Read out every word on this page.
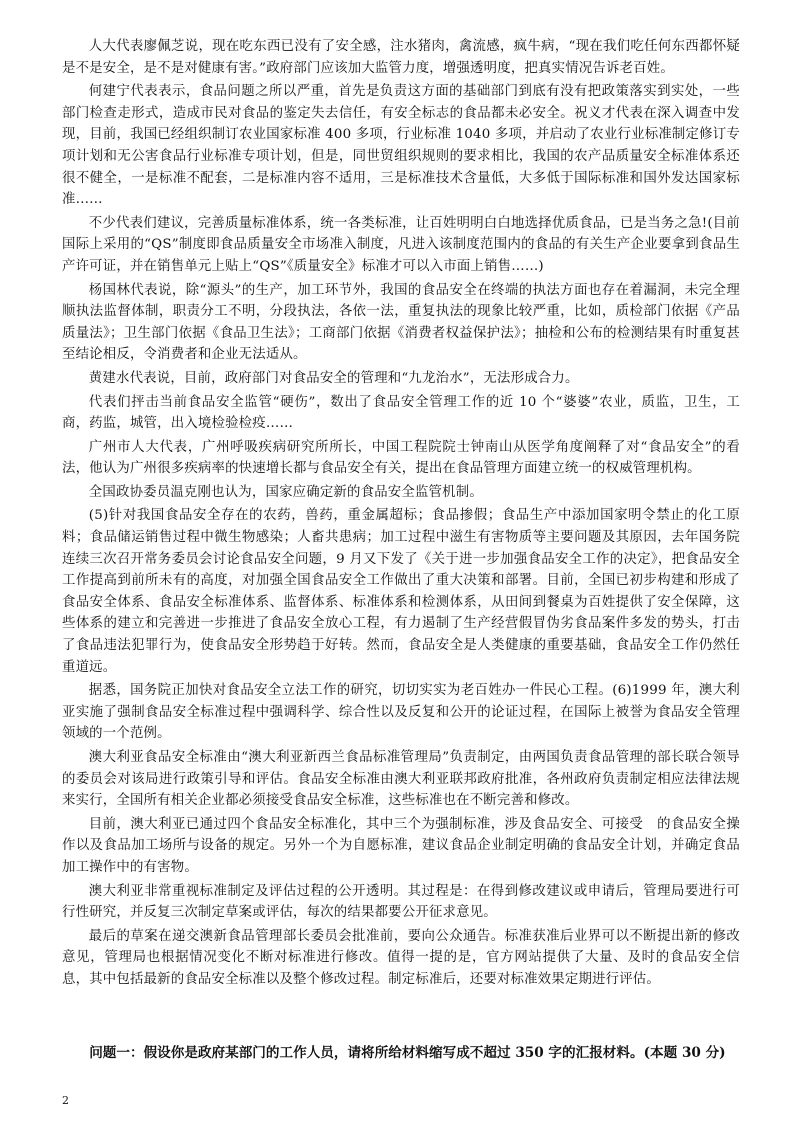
人大代表廖佩芝说，现在吃东西已没有了安全感，注水猪肉，禽流感，疯牛病，“现在我们吃任何东西都怀疑是不是安全，是不是对健康有害。”政府部门应该加大监管力度，增强透明度，把真实情况告诉老百姓。

何建宁代表表示，食品问题之所以严重，首先是负责这方面的基础部门到底有没有把政策落实到实处，一些部门检查走形式，造成市民对食品的鉴定失去信任，有安全标志的食品都未必安全。祝义才代表在深入调查中发现，目前，我国已经组织制订农业国家标准 400 多项，行业标准 1040 多项，并启动了农业行业标准制定修订专项计划和无公害食品行业标准专项计划，但是，同世贸组织规则的要求相比，我国的农产品质量安全标准体系还很不健全，一是标准不配套，二是标准内容不适用，三是标准技术含量低，大多低于国际标准和国外发达国家标准……

不少代表们建议，完善质量标准体系，统一各类标准，让百姓明明白白地选择优质食品，已是当务之急!(目前国际上采用的“QS”制度即食品质量安全市场准入制度，凡进入该制度范围内的食品的有关生产企业要拿到食品生产许可证，并在销售单元上贴上“QS”《质量安全》标准才可以入市面上销售……)

杨国林代表说，除“源头”的生产，加工环节外，我国的食品安全在终端的执法方面也存在着漏洞，未完全理顺执法监督体制，职责分工不明，分段执法，各依一法，重复执法的现象比较严重，比如，质检部门依据《产品质量法》；卫生部门依据《食品卫生法》；工商部门依据《消费者权益保护法》；抽检和公布的检测结果有时重复甚至结论相反，令消费者和企业无法适从。

黄建水代表说，目前，政府部门对食品安全的管理和“九龙治水”，无法形成合力。

代表们抨击当前食品安全监管“硬伤”，数出了食品安全管理工作的近 10 个“婆婆”农业，质监，卫生，工商，药监，城管，出入境检验检疫……

广州市人大代表，广州呼吸疾病研究所所长，中国工程院院士钟南山从医学角度阐释了对“食品安全”的看法，他认为广州很多疾病率的快速增长都与食品安全有关，提出在食品管理方面建立统一的权威管理机构。

全国政协委员温克刚也认为，国家应确定新的食品安全监管机制。

(5)针对我国食品安全存在的农药，兽药，重金属超标；食品掺假；食品生产中添加国家明令禁止的化工原料；食品储运销售过程中微生物感染；人畜共患病；加工过程中滋生有害物质等主要问题及其原因，去年国务院连续三次召开常务委员会讨论食品安全问题，9 月又下发了《关于进一步加强食品安全工作的决定》，把食品安全工作提高到前所未有的高度，对加强全国食品安全工作做出了重大决策和部署。目前，全国已初步构建和形成了食品安全体系、食品安全标准体系、监督体系、标准体系和检测体系，从田间到餐桌为百姓提供了安全保障，这些体系的建立和完善进一步推进了食品安全放心工程，有力遏制了生产经营假冒伪劣食品案件多发的势头，打击了食品违法犯罪行为，使食品安全形势趋于好转。然而，食品安全是人类健康的重要基础，食品安全工作仍然任重道远。

据悉，国务院正加快对食品安全立法工作的研究，切切实实为老百姓办一件民心工程。(6)1999 年，澳大利亚实施了强制食品安全标准过程中强调科学、综合性以及反复和公开的论证过程，在国际上被誉为食品安全管理领域的一个范例。

澳大利亚食品安全标准由“澳大利亚新西兰食品标准管理局”负责制定，由两国负责食品管理的部长联合领导的委员会对该局进行政策引导和评估。食品安全标准由澳大利亚联邦政府批准，各州政府负责制定相应法律法规来实行，全国所有相关企业都必须接受食品安全标准，这些标准也在不断完善和修改。

目前，澳大利亚已通过四个食品安全标准化，其中三个为强制标准，涉及食品安全、可接受　的食品安全操作以及食品加工场所与设备的规定。另外一个为自愿标准，建议食品企业制定明确的食品安全计划，并确定食品加工操作中的有害物。

澳大利亚非常重视标准制定及评估过程的公开透明。其过程是：在得到修改建议或申请后，管理局要进行可行性研究，并反复三次制定草案或评估，每次的结果都要公开征求意见。

最后的草案在递交澳新食品管理部长委员会批准前，要向公众通告。标准获准后业界可以不断提出新的修改意见，管理局也根据情况变化不断对标准进行修改。值得一提的是，官方网站提供了大量、及时的食品安全信息，其中包括最新的食品安全标准以及整个修改过程。制定标准后，还要对标准效果定期进行评估。

问题一：假设你是政府某部门的工作人员，请将所给材料缩写成不超过 350 字的汇报材料。(本题 30 分)

2
